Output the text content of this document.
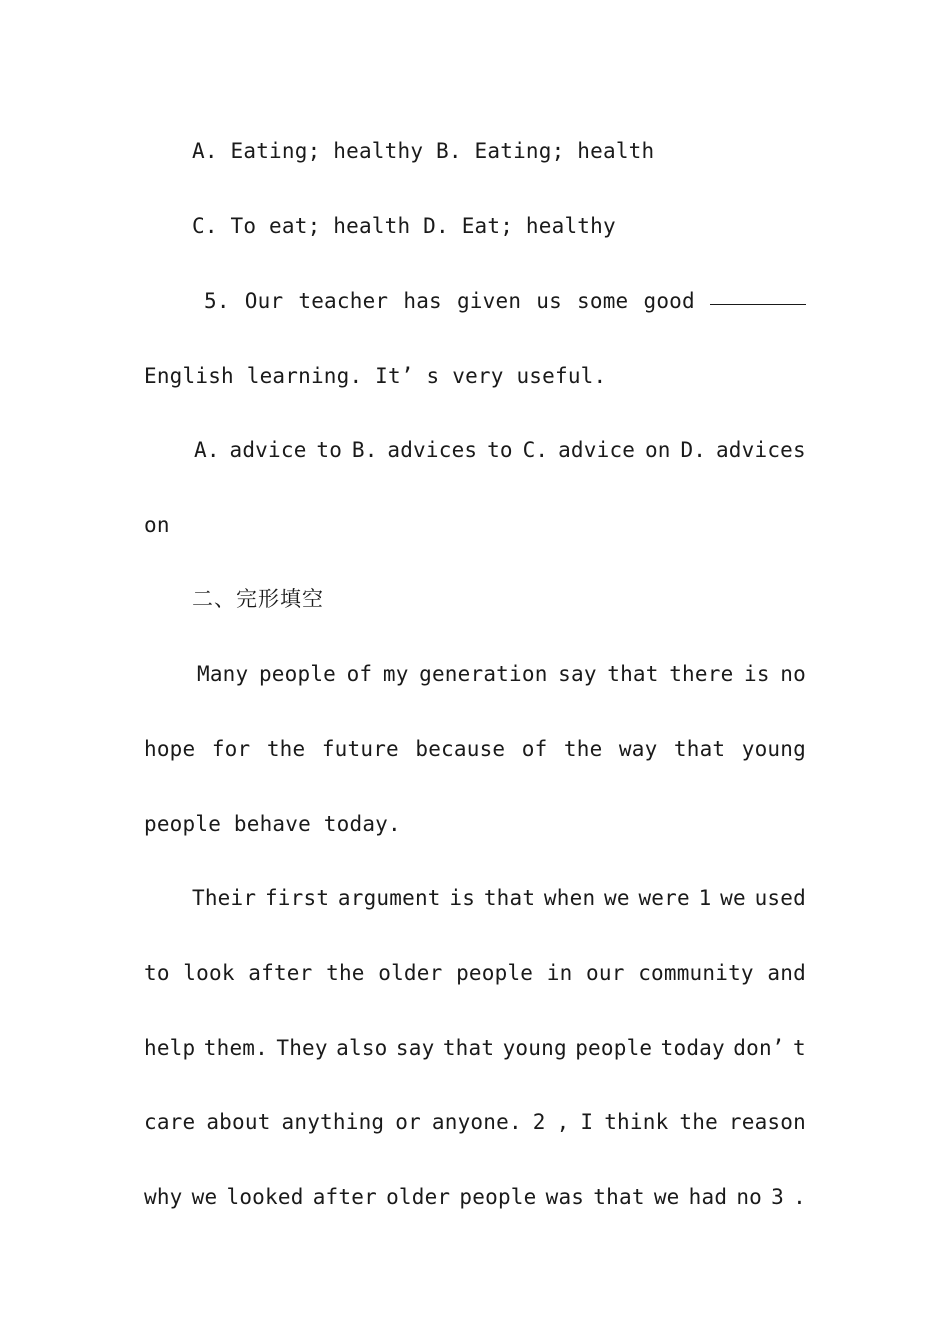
A. Eating; healthy B. Eating; health
C. To eat; health D. Eat; healthy
5. Our teacher has given us some good
English learning. It’ s very useful.
A. advice to B. advices to C. advice on D. advices
on
二、完形填空
Many people of my generation say that there is no
hope for the future because of the way that young
people behave today.
Their first argument is that when we were 1 we used
to look after the older people in our community and
help them. They also say that young people today don’ t
care about anything or anyone. 2 , I think the reason
why we looked after older people was that we had no 3 .
